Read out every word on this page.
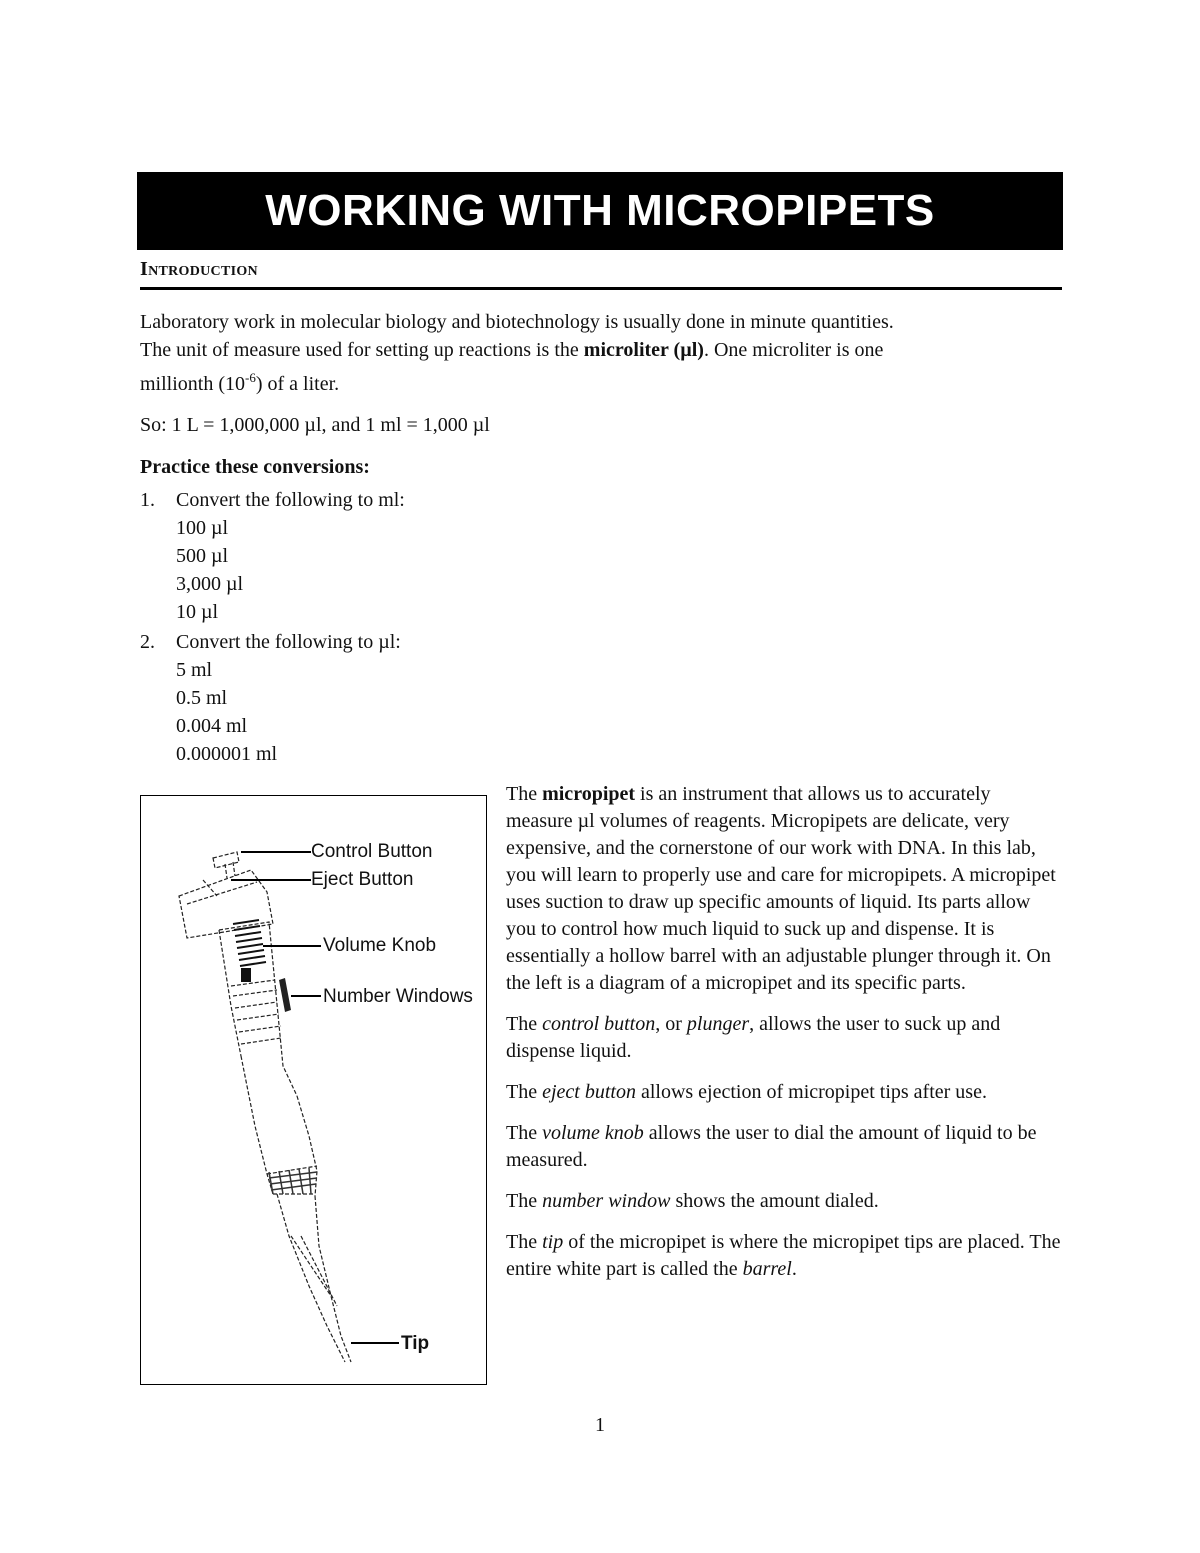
WORKING WITH MICROPIPETS
Introduction

Laboratory work in molecular biology and biotechnology is usually done in minute quantities.
The unit of measure used for setting up reactions is the microliter (µl). One microliter is one
millionth $(10^{-6})$ of a liter.

So: 1 L = 1,000,000 µl, and 1 ml = 1,000 µl

Practice these conversions:

1.	Convert the following to ml:
100 µl
500 µl
3,000 µl
10 µl
2.	Convert the following to µl:
5 ml
0.5 ml
0.004 ml
0.000001 ml
Control Button
Eject Button
Volume Knob
Number Windows
Tip

The micropipet is an instrument that allows us to accurately measure µl volumes of reagents. Micropipets are delicate, very expensive, and the cornerstone of our work with DNA. In this lab, you will learn to properly use and care for micropipets. A micropipet uses suction to draw up specific amounts of liquid. Its parts allow you to control how much liquid to suck up and dispense. It is essentially a hollow barrel with an adjustable plunger through it. On the left is a diagram of a micropipet and its specific parts.

The control button, or plunger, allows the user to suck up and dispense liquid.

The eject button allows ejection of micropipet tips after use.

The volume knob allows the user to dial the amount of liquid to be measured.

The number window shows the amount dialed.

The tip of the micropipet is where the micropipet tips are placed. The entire white part is called the barrel.

1
